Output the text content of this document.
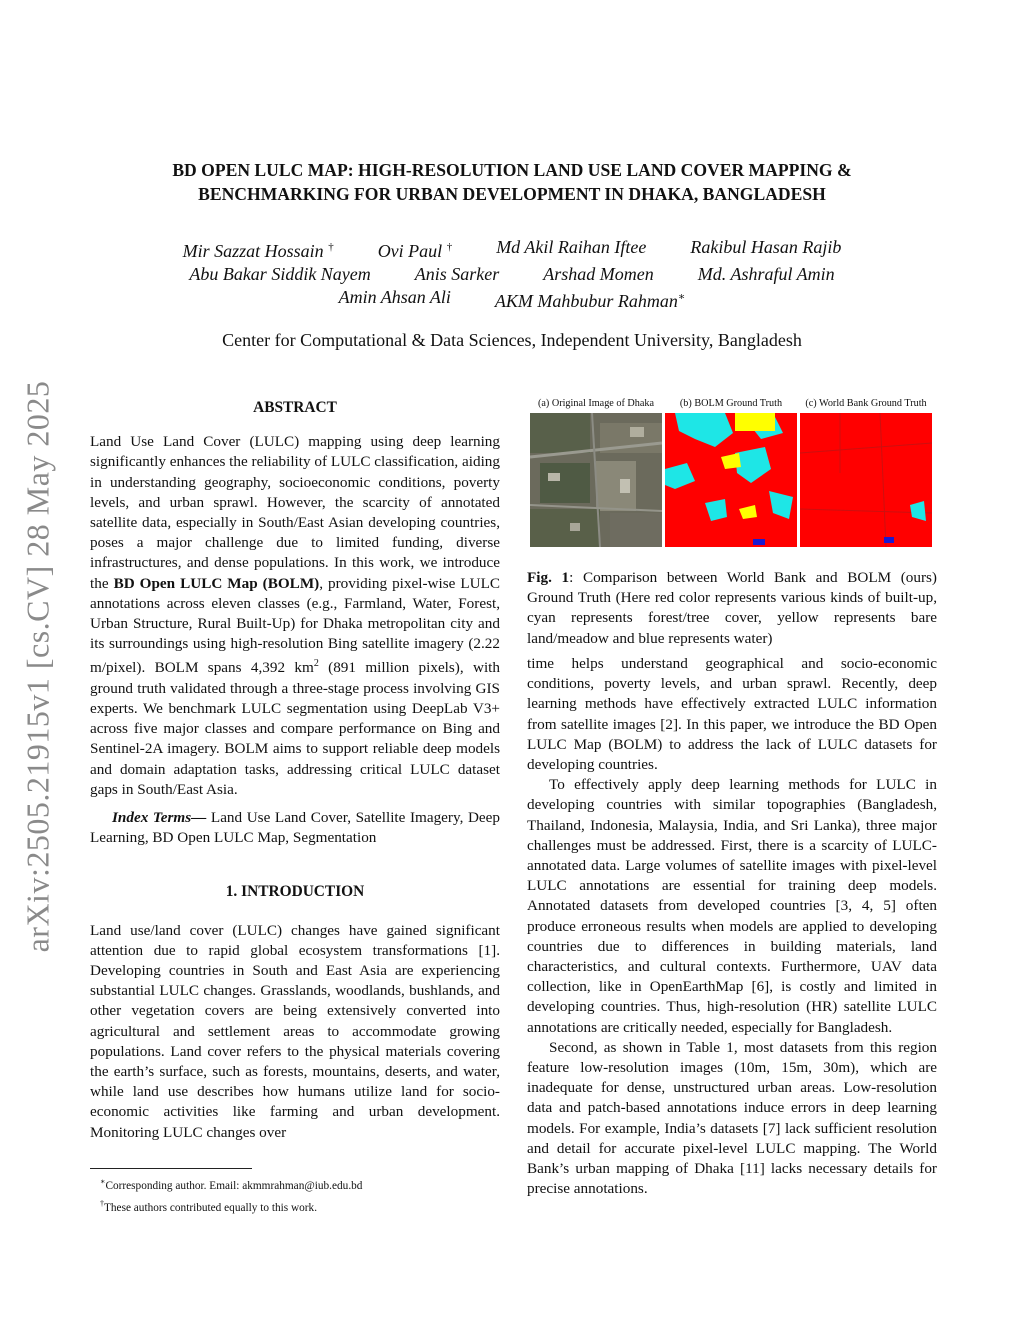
arXiv:2505.21915v1 [cs.CV] 28 May 2025
BD OPEN LULC MAP: HIGH-RESOLUTION LAND USE LAND COVER MAPPING &
BENCHMARKING FOR URBAN DEVELOPMENT IN DHAKA, BANGLADESH
Mir Sazzat Hossain † Ovi Paul † Md Akil Raihan Iftee Rakibul Hasan Rajib
Abu Bakar Siddik Nayem Anis Sarker Arshad Momen Md. Ashraful Amin
Amin Ahsan Ali AKM Mahbubur Rahman∗
Center for Computational & Data Sciences, Independent University, Bangladesh

ABSTRACT

Land Use Land Cover (LULC) mapping using deep learning significantly enhances the reliability of LULC classification, aiding in understanding geography, socioeconomic conditions, poverty levels, and urban sprawl. However, the scarcity of annotated satellite data, especially in South/East Asian developing countries, poses a major challenge due to limited funding, diverse infrastructures, and dense populations. In this work, we introduce the BD Open LULC Map (BOLM), providing pixel-wise LULC annotations across eleven classes (e.g., Farmland, Water, Forest, Urban Structure, Rural Built-Up) for Dhaka metropolitan city and its surroundings using high-resolution Bing satellite imagery (2.22 m/pixel). BOLM spans 4,392 $km^2$ (891 million pixels), with ground truth validated through a three-stage process involving GIS experts. We benchmark LULC segmentation using DeepLab V3+ across five major classes and compare performance on Bing and Sentinel-2A imagery. BOLM aims to support reliable deep models and domain adaptation tasks, addressing critical LULC dataset gaps in South/East Asia.

Index Terms— Land Use Land Cover, Satellite Imagery, Deep Learning, BD Open LULC Map, Segmentation

1. INTRODUCTION

Land use/land cover (LULC) changes have gained significant attention due to rapid global ecosystem transformations [1]. Developing countries in South and East Asia are experiencing substantial LULC changes. Grasslands, woodlands, bushlands, and other vegetation covers are being extensively converted into agricultural and settlement areas to accommodate growing populations. Land cover refers to the physical materials covering the earth’s surface, such as forests, mountains, deserts, and water, while land use describes how humans utilize land for socio-economic activities like farming and urban development. Monitoring LULC changes over

(a) Original Image of Dhaka	(b) BOLM Ground Truth	(c) World Bank Ground Truth

Fig. 1: Comparison between World Bank and BOLM (ours) Ground Truth (Here red color represents various kinds of built-up, cyan represents forest/tree cover, yellow represents bare land/meadow and blue represents water)

time helps understand geographical and socio-economic conditions, poverty levels, and urban sprawl. Recently, deep learning methods have effectively extracted LULC information from satellite images [2]. In this paper, we introduce the BD Open LULC Map (BOLM) to address the lack of LULC datasets for developing countries.

To effectively apply deep learning methods for LULC in developing countries with similar topographies (Bangladesh, Thailand, Indonesia, Malaysia, India, and Sri Lanka), three major challenges must be addressed. First, there is a scarcity of LULC-annotated data. Large volumes of satellite images with pixel-level LULC annotations are essential for training deep models. Annotated datasets from developed countries [3, 4, 5] often produce erroneous results when models are applied to developing countries due to differences in building materials, land characteristics, and cultural contexts. Furthermore, UAV data collection, like in OpenEarthMap [6], is costly and limited in developing countries. Thus, high-resolution (HR) satellite LULC annotations are critically needed, especially for Bangladesh.

Second, as shown in Table 1, most datasets from this region feature low-resolution images (10m, 15m, 30m), which are inadequate for dense, unstructured urban areas. Low-resolution data and patch-based annotations induce errors in deep learning models. For example, India’s datasets [7] lack sufficient resolution and detail for accurate pixel-level LULC mapping. The World Bank’s urban mapping of Dhaka [11] lacks necessary details for precise annotations.

∗Corresponding author. Email: akmmrahman@iub.edu.bd
†These authors contributed equally to this work.
